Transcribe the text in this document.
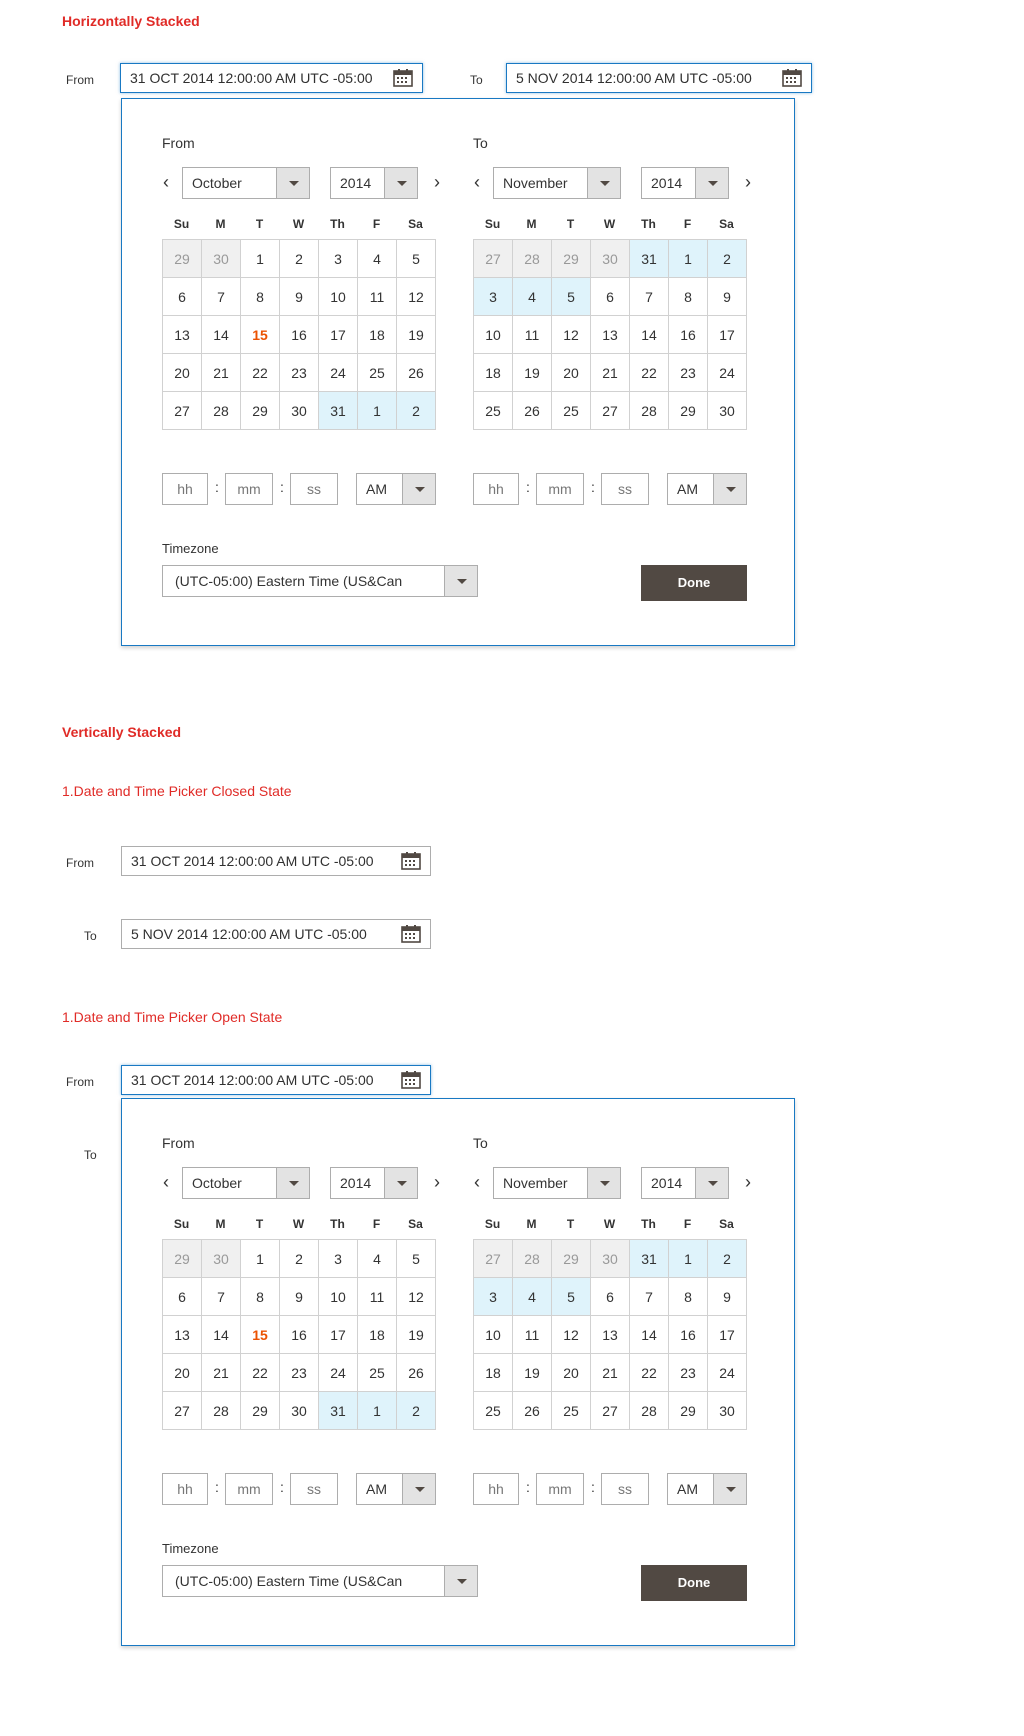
Horizontally Stacked
From	31 OCT 2014 12:00:00 AM UTC -05:00	To	5 NOV 2014 12:00:00 AM UTC -05:00
From
‹	October	2014	›
Su	M	T	W	Th	F	Sa
29	30	1	2	3	4	5
6	7	8	9	10	11	12
13	14	15	16	17	18	19
20	21	22	23	24	25	26
27	28	29	30	31	1	2
hh	:	mm	:	ss	AM
To
‹	November	2014	›
Su	M	T	W	Th	F	Sa
27	28	29	30	31	1	2
3	4	5	6	7	8	9
10	11	12	13	14	16	17
18	19	20	21	22	23	24
25	26	25	27	28	29	30
hh	:	mm	:	ss	AM
Timezone
(UTC-05:00) Eastern Time (US&Can	Done
Vertically Stacked
1.Date and Time Picker Closed State
From	31 OCT 2014 12:00:00 AM UTC -05:00
To	5 NOV 2014 12:00:00 AM UTC -05:00
1.Date and Time Picker Open State
From	31 OCT 2014 12:00:00 AM UTC -05:00
To
From
‹	October	2014	›
Su	M	T	W	Th	F	Sa
29	30	1	2	3	4	5
6	7	8	9	10	11	12
13	14	15	16	17	18	19
20	21	22	23	24	25	26
27	28	29	30	31	1	2
hh	:	mm	:	ss	AM
To
‹	November	2014	›
Su	M	T	W	Th	F	Sa
27	28	29	30	31	1	2
3	4	5	6	7	8	9
10	11	12	13	14	16	17
18	19	20	21	22	23	24
25	26	25	27	28	29	30
hh	:	mm	:	ss	AM
Timezone
(UTC-05:00) Eastern Time (US&Can	Done
